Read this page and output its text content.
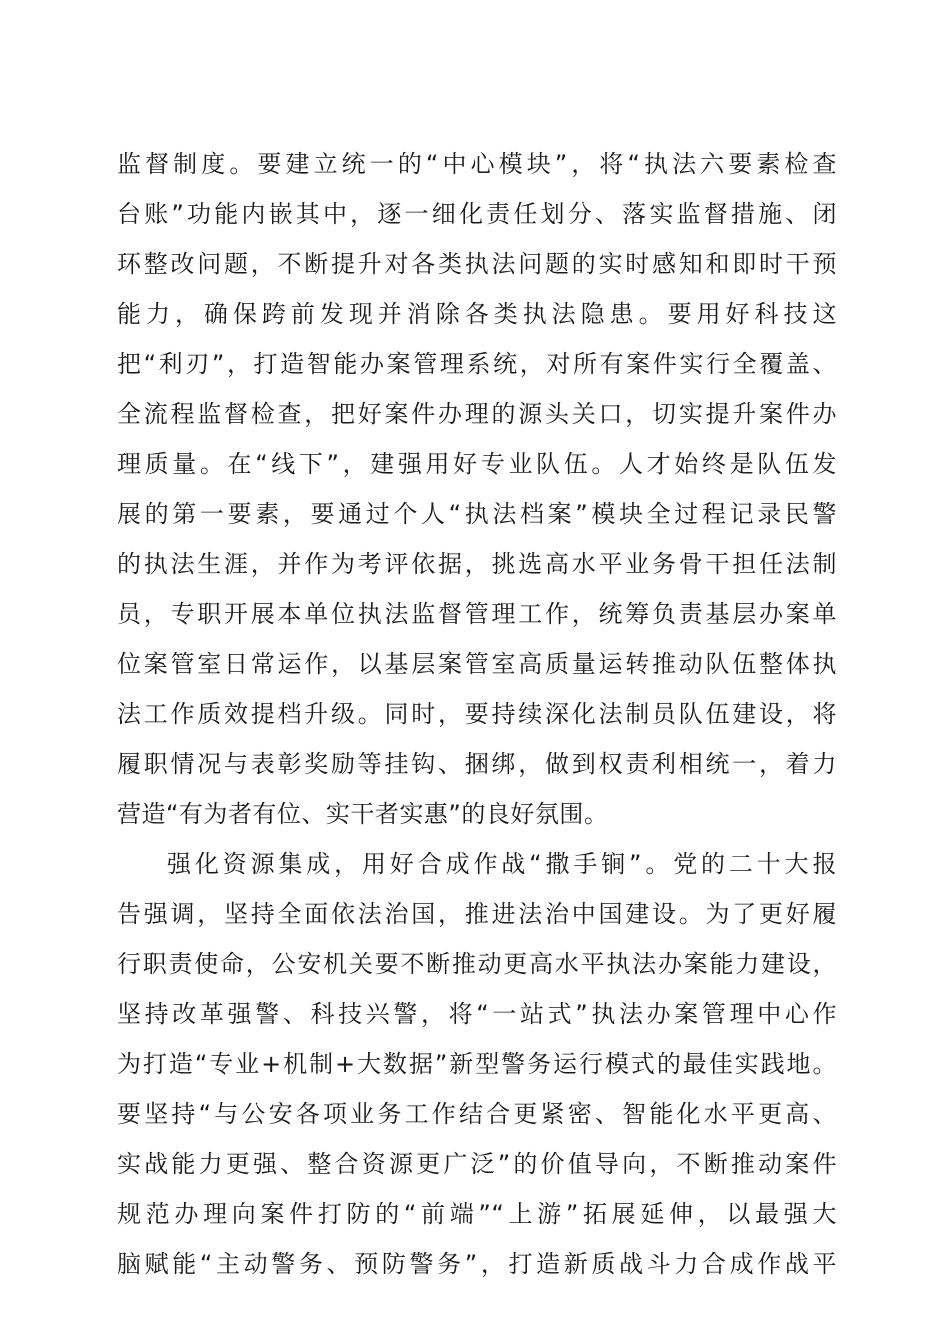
监督制度。要建立统一的“中心模块”，将“执法六要素检查
台账”功能内嵌其中，逐一细化责任划分、落实监督措施、闭
环整改问题，不断提升对各类执法问题的实时感知和即时干预
能力，确保跨前发现并消除各类执法隐患。要用好科技这
把“利刃”，打造智能办案管理系统，对所有案件实行全覆盖、
全流程监督检查，把好案件办理的源头关口，切实提升案件办
理质量。在“线下”，建强用好专业队伍。人才始终是队伍发
展的第一要素，要通过个人“执法档案”模块全过程记录民警
的执法生涯，并作为考评依据，挑选高水平业务骨干担任法制
员，专职开展本单位执法监督管理工作，统筹负责基层办案单
位案管室日常运作，以基层案管室高质量运转推动队伍整体执
法工作质效提档升级。同时，要持续深化法制员队伍建设，将
履职情况与表彰奖励等挂钩、捆绑，做到权责利相统一，着力
营造“有为者有位、实干者实惠”的良好氛围。
强化资源集成，用好合成作战“撒手锏”。党的二十大报
告强调，坚持全面依法治国，推进法治中国建设。为了更好履
行职责使命，公安机关要不断推动更高水平执法办案能力建设，
坚持改革强警、科技兴警，将“一站式”执法办案管理中心作
为打造“专业+机制+大数据”新型警务运行模式的最佳实践地。
要坚持“与公安各项业务工作结合更紧密、智能化水平更高、
实战能力更强、整合资源更广泛”的价值导向，不断推动案件
规范办理向案件打防的“前端”“上游”拓展延伸，以最强大
脑赋能“主动警务、预防警务”，打造新质战斗力合成作战平
